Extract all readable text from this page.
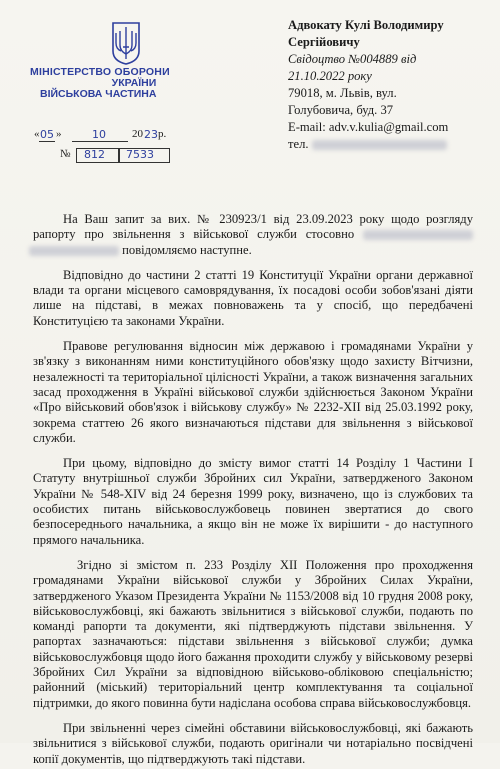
МІНІСТЕРСТВО ОБОРОНИ
УКРАЇНИ
ВІЙСЬКОВА ЧАСТИНА
« 05 »	10 20 23 р.
№ 812 7533
Адвокату Кулі Володимиру
Сергійовичу
Свідоцтво №004889 від
21.10.2022 року
79018, м. Львів, вул.
Голубовича, буд. 37
E-mail: adv.v.kulia@gmail.com
тел.

На Ваш запит за вих. № 230923/1 від 23.09.2023 року щодо розгляду рапорту про звільнення з військової служби стосовно   повідомляємо наступне.

Відповідно до частини 2 статті 19 Конституції України органи державної влади та органи місцевого самоврядування, їх посадові особи зобов'язані діяти лише на підставі, в межах повноважень та у спосіб, що передбачені Конституцією та законами України.

Правове регулювання відносин між державою і громадянами України у зв'язку з виконанням ними конституційного обов'язку щодо захисту Вітчизни, незалежності та територіальної цілісності України, а також визначення загальних засад проходження в Україні військової служби здійснюється Законом України «Про військовий обов'язок і військову службу» № 2232-XII від 25.03.1992 року, зокрема статтею 26 якого визначаються підстави для звільнення з військової служби.

При цьому, відповідно до змісту вимог статті 14 Розділу 1 Частини І Статуту внутрішньої служби Збройних сил України, затвердженого Законом України № 548-XIV від 24 березня 1999 року, визначено, що із службових та особистих питань військовослужбовець повинен звертатися до свого безпосереднього начальника, а якщо він не може їх вирішити - до наступного прямого начальника.

Згідно зі змістом п. 233 Розділу XII Положення про проходження громадянами України військової служби у Збройних Силах України, затвердженого Указом Президента України № 1153/2008 від 10 грудня 2008 року, військовослужбовці, які бажають звільнитися з військової служби, подають по команді рапорти та документи, які підтверджують підстави звільнення. У рапортах зазначаються: підстави звільнення з військової служби; думка військовослужбовця щодо його бажання проходити службу у військовому резерві Збройних Сил України за відповідною військово-обліковою спеціальністю; районний (міський) територіальний центр комплектування та соціальної підтримки, до якого повинна бути надіслана особова справа військовослужбовця.

При звільненні через сімейні обставини військовослужбовці, які бажають звільнитися з військової служби, подають оригінали чи нотаріально посвідчені копії документів, що підтверджують такі підстави.
